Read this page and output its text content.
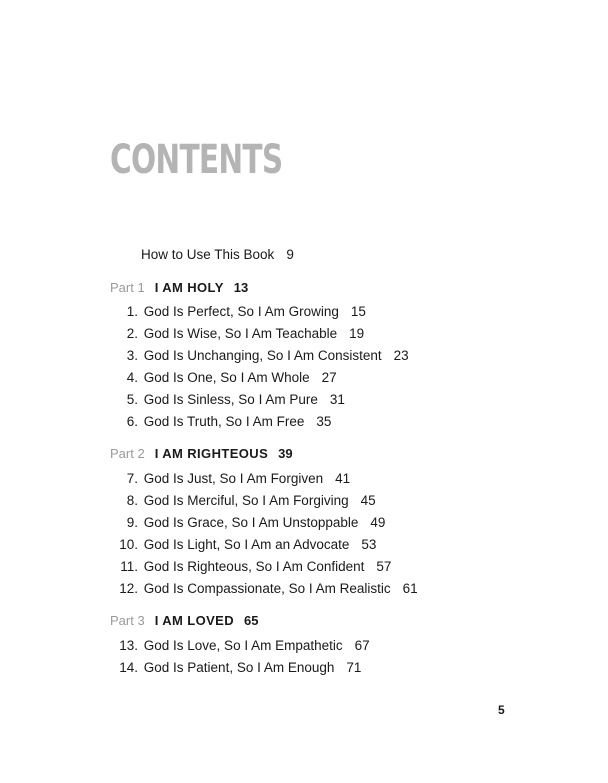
CONTENTS
How to Use This Book 9
Part 1 I AM HOLY 13
1. God Is Perfect, So I Am Growing 15
2. God Is Wise, So I Am Teachable 19
3. God Is Unchanging, So I Am Consistent 23
4. God Is One, So I Am Whole 27
5. God Is Sinless, So I Am Pure 31
6. God Is Truth, So I Am Free 35
Part 2 I AM RIGHTEOUS 39
7. God Is Just, So I Am Forgiven 41
8. God Is Merciful, So I Am Forgiving 45
9. God Is Grace, So I Am Unstoppable 49
10. God Is Light, So I Am an Advocate 53
11. God Is Righteous, So I Am Confident 57
12. God Is Compassionate, So I Am Realistic 61
Part 3 I AM LOVED 65
13. God Is Love, So I Am Empathetic 67
14. God Is Patient, So I Am Enough 71
5
